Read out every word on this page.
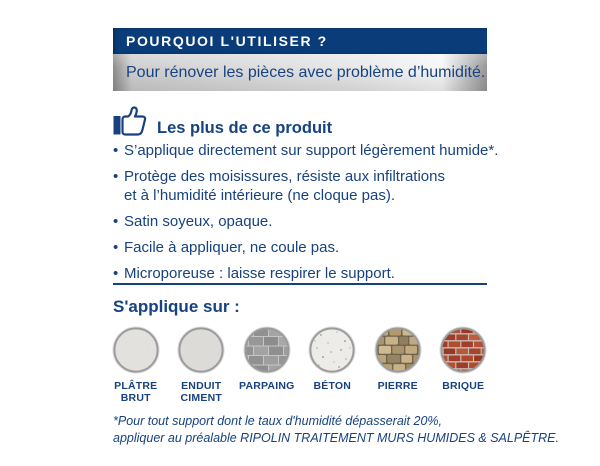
POURQUOI L'UTILISER ?
Pour rénover les pièces avec problème d’humidité.
Les plus de ce produit
• S’applique directement sur support légèrement humide*.
• Protège des moisissures, résiste aux infiltrations
et à l’humidité intérieure (ne cloque pas).
• Satin soyeux, opaque.
• Facile à appliquer, ne coule pas.
• Microporeuse : laisse respirer le support.
S'applique sur :
PLÂTRE
BRUT
ENDUIT
CIMENT
PARPAING BÉTON	PIERRE BRIQUE
*Pour tout support dont le taux d'humidité dépasserait 20%,
appliquer au préalable RIPOLIN TRAITEMENT MURS HUMIDES & SALPÊTRE.
